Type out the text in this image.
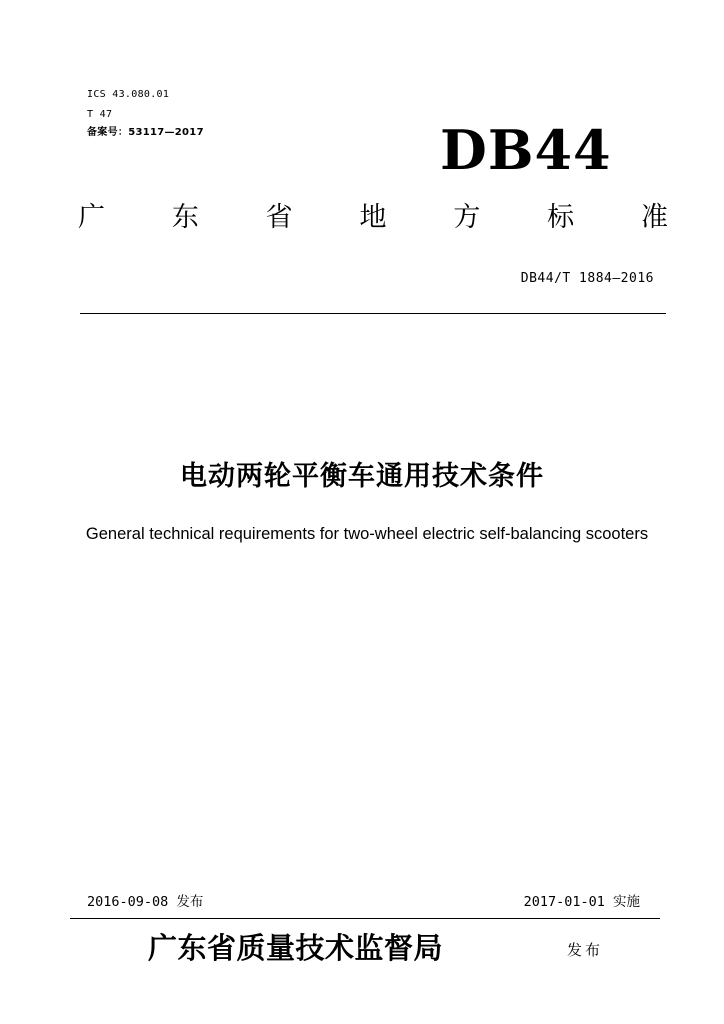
ICS 43.080.01
T 47
备案号：53117—2017	DB44
广 东 省 地 方 标 准
DB44/T 1884—2016
电动两轮平衡车通用技术条件
General technical requirements for two-wheel electric self-balancing scooters
2016-09-08 发布	2017-01-01 实施
广东省质量技术监督局	发布
